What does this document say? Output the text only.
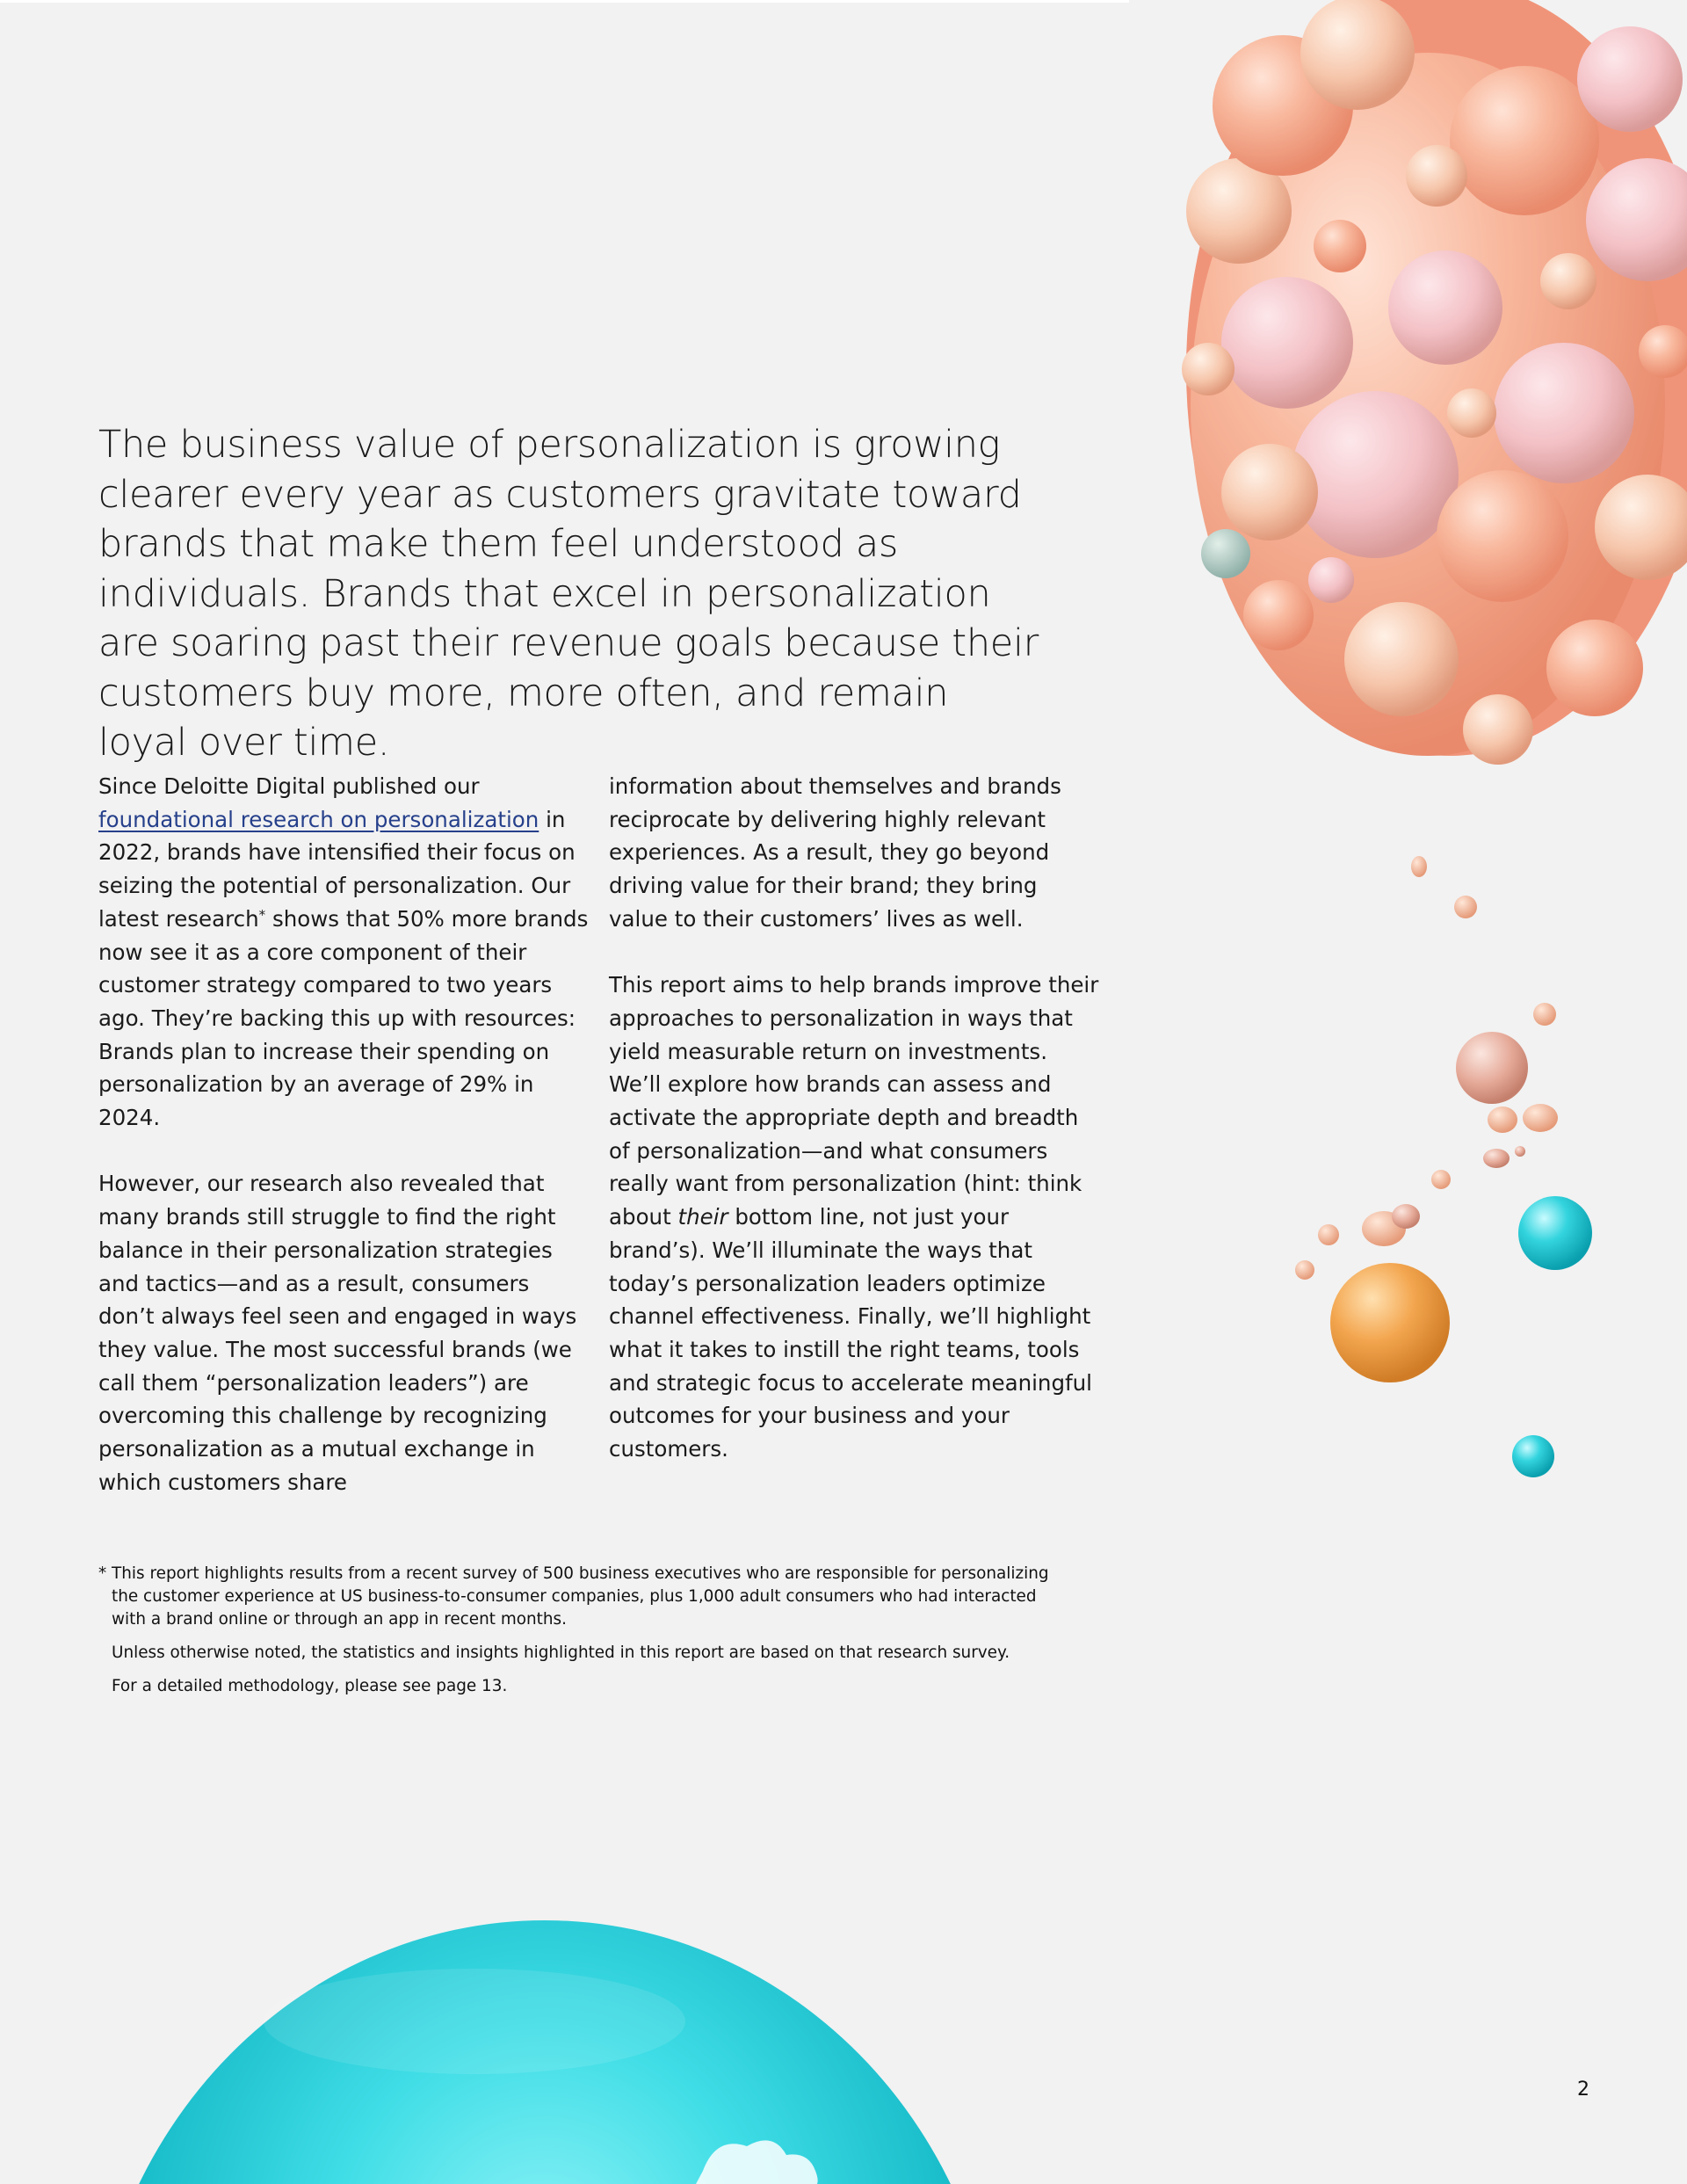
The business value of personalization is growing clearer every year as customers gravitate toward brands that make them feel understood as individuals. Brands that excel in personalization are soaring past their revenue goals because their customers buy more, more often, and remain loyal over time.

Since Deloitte Digital published our foundational research on personalization in 2022, brands have intensified their focus on seizing the potential of personalization. Our latest research* shows that 50% more brands now see it as a core component of their customer strategy compared to two years ago. They’re backing this up with resources: Brands plan to increase their spending on personalization by an average of 29% in 2024.

However, our research also revealed that many brands still struggle to find the right balance in their personalization strategies and tactics—and as a result, consumers don’t always feel seen and engaged in ways they value. The most successful brands (we call them “personalization leaders”) are overcoming this challenge by recognizing personalization as a mutual exchange in which customers share

information about themselves and brands reciprocate by delivering highly relevant experiences. As a result, they go beyond driving value for their brand; they bring value to their customers’ lives as well.

This report aims to help brands improve their approaches to personalization in ways that yield measurable return on investments. We’ll explore how brands can assess and activate the appropriate depth and breadth of personalization—and what consumers really want from personalization (hint: think about their bottom line, not just your brand’s). We’ll illuminate the ways that today’s personalization leaders optimize channel effectiveness. Finally, we’ll highlight what it takes to instill the right teams, tools and strategic focus to accelerate meaningful outcomes for your business and your customers.

* This report highlights results from a recent survey of 500 business executives who are responsible for personalizing the customer experience at US business-to-consumer companies, plus 1,000 adult consumers who had interacted with a brand online or through an app in recent months.

Unless otherwise noted, the statistics and insights highlighted in this report are based on that research survey.

For a detailed methodology, please see page 13.

2
